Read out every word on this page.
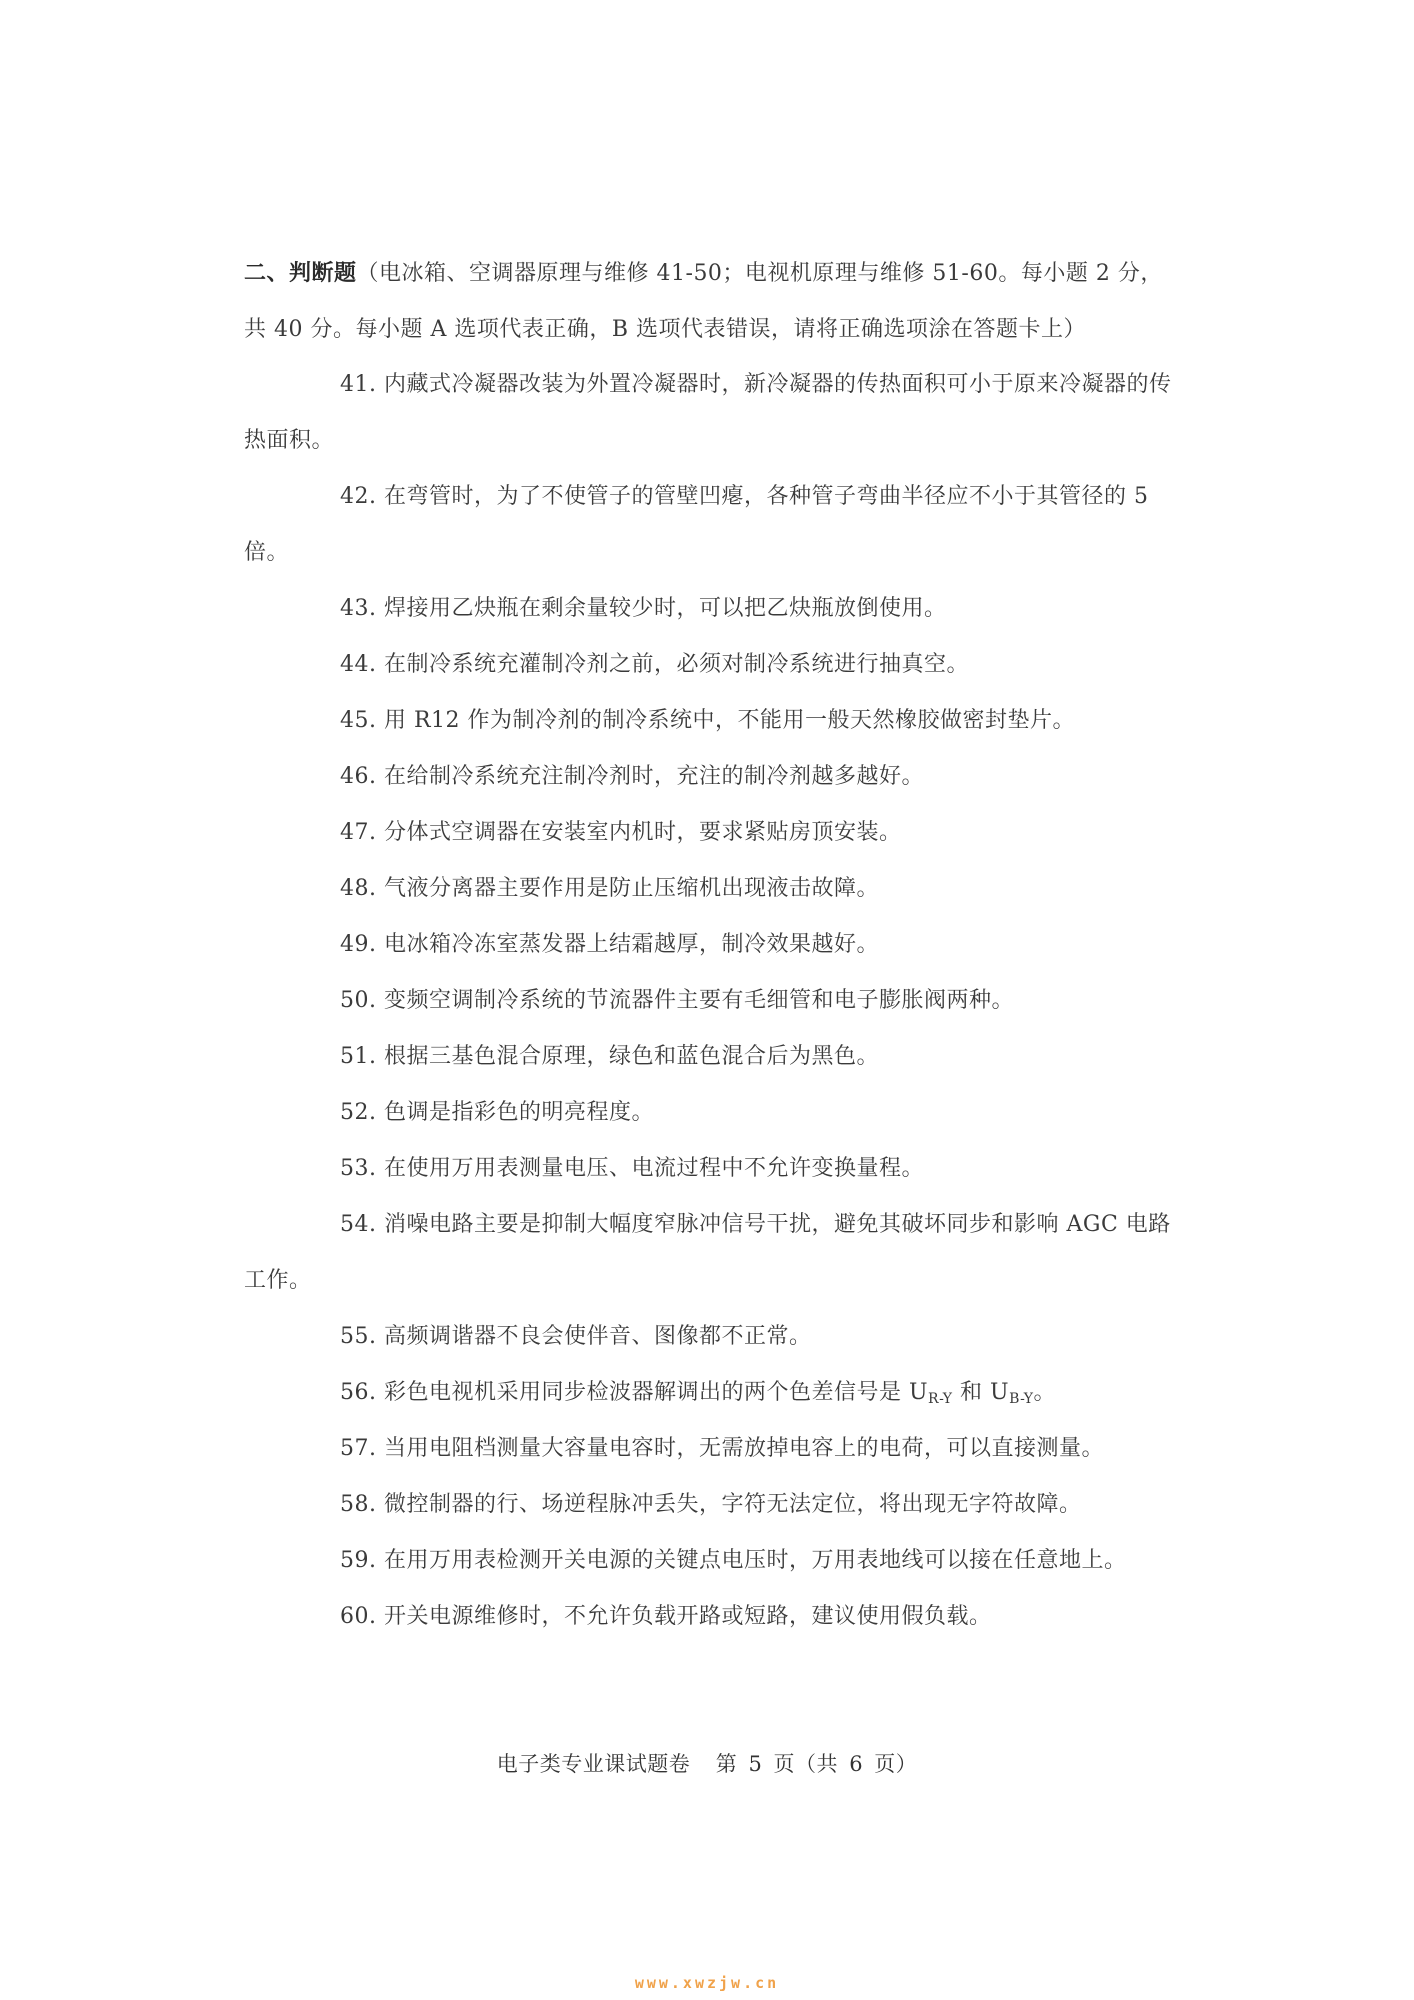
二、判断题（电冰箱、空调器原理与维修 41-50；电视机原理与维修 51-60。每小题 2 分，共 40 分。每小题 A 选项代表正确，B 选项代表错误，请将正确选项涂在答题卡上）

41. 内藏式冷凝器改装为外置冷凝器时，新冷凝器的传热面积可小于原来冷凝器的传热面积。

42. 在弯管时，为了不使管子的管壁凹瘪，各种管子弯曲半径应不小于其管径的 5 倍。

43. 焊接用乙炔瓶在剩余量较少时，可以把乙炔瓶放倒使用。

44. 在制冷系统充灌制冷剂之前，必须对制冷系统进行抽真空。

45. 用 R12 作为制冷剂的制冷系统中，不能用一般天然橡胶做密封垫片。

46. 在给制冷系统充注制冷剂时，充注的制冷剂越多越好。

47. 分体式空调器在安装室内机时，要求紧贴房顶安装。

48. 气液分离器主要作用是防止压缩机出现液击故障。

49. 电冰箱冷冻室蒸发器上结霜越厚，制冷效果越好。

50. 变频空调制冷系统的节流器件主要有毛细管和电子膨胀阀两种。

51. 根据三基色混合原理，绿色和蓝色混合后为黑色。

52. 色调是指彩色的明亮程度。

53. 在使用万用表测量电压、电流过程中不允许变换量程。

54. 消噪电路主要是抑制大幅度窄脉冲信号干扰，避免其破坏同步和影响 AGC 电路工作。

55. 高频调谐器不良会使伴音、图像都不正常。

56. 彩色电视机采用同步检波器解调出的两个色差信号是 $U_{R-Y}$ 和 $U_{B-Y}$。

57. 当用电阻档测量大容量电容时，无需放掉电容上的电荷，可以直接测量。

58. 微控制器的行、场逆程脉冲丢失，字符无法定位，将出现无字符故障。

59. 在用万用表检测开关电源的关键点电压时，万用表地线可以接在任意地上。

60. 开关电源维修时，不允许负载开路或短路，建议使用假负载。

电子类专业课试题卷 第 5 页（共 6 页）
www.xwzjw.cn
